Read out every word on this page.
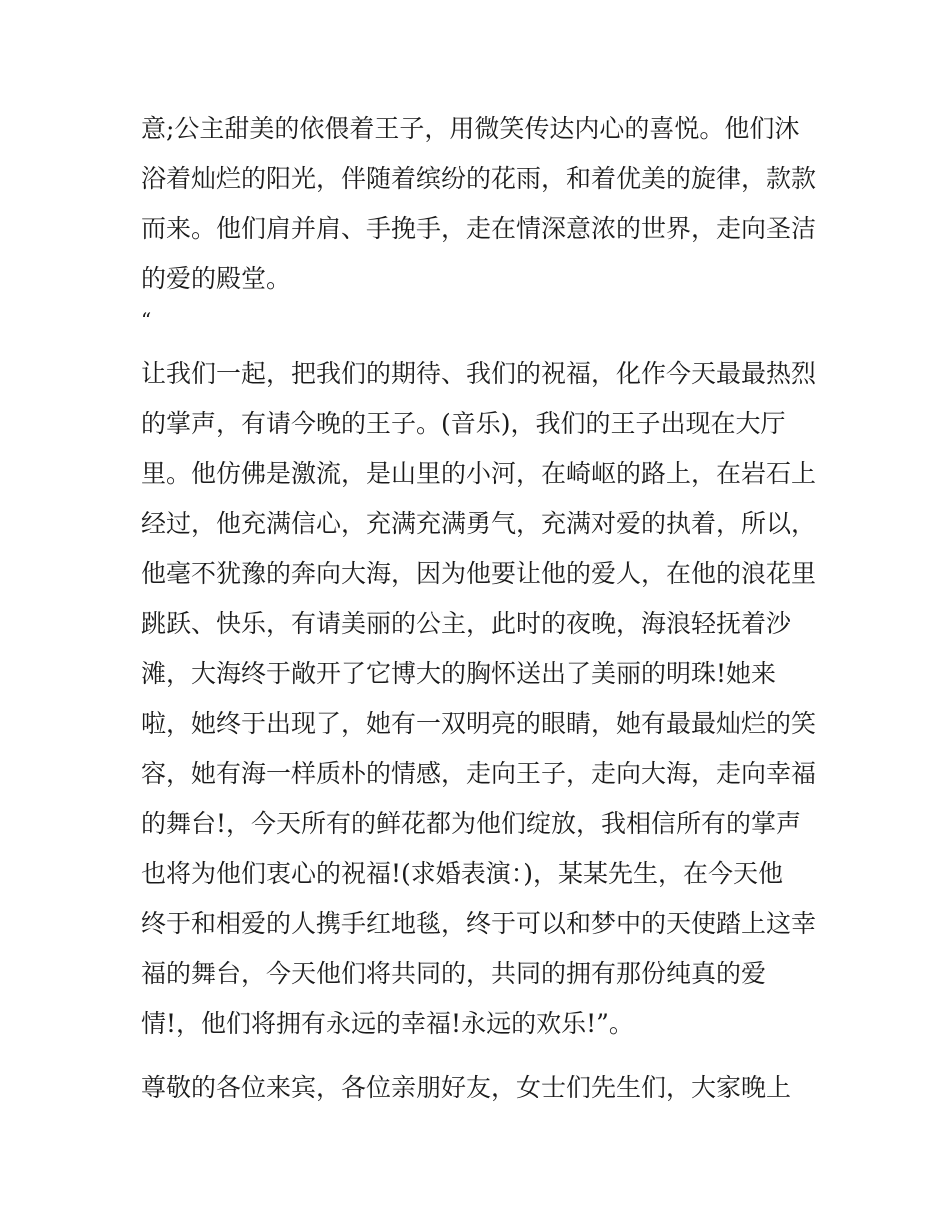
意;公主甜美的依偎着王子，用微笑传达内心的喜悦。他们沐
浴着灿烂的阳光，伴随着缤纷的花雨，和着优美的旋律，款款
而来。他们肩并肩、手挽手，走在情深意浓的世界，走向圣洁
的爱的殿堂。
“
让我们一起，把我们的期待、我们的祝福，化作今天最最热烈
的掌声，有请今晚的王子。(音乐)，我们的王子出现在大厅
里。他仿佛是激流，是山里的小河，在崎岖的路上，在岩石上
经过，他充满信心，充满充满勇气，充满对爱的执着，所以，
他毫不犹豫的奔向大海，因为他要让他的爱人，在他的浪花里
跳跃、快乐，有请美丽的公主，此时的夜晚，海浪轻抚着沙
滩，大海终于敞开了它博大的胸怀送出了美丽的明珠!她来
啦，她终于出现了，她有一双明亮的眼睛，她有最最灿烂的笑
容，她有海一样质朴的情感，走向王子，走向大海，走向幸福
的舞台!，今天所有的鲜花都为他们绽放，我相信所有的掌声
也将为他们衷心的祝福!(求婚表演：)，某某先生，在今天他
终于和相爱的人携手红地毯，终于可以和梦中的天使踏上这幸
福的舞台，今天他们将共同的，共同的拥有那份纯真的爱
情!，他们将拥有永远的幸福!永远的欢乐!”。
尊敬的各位来宾，各位亲朋好友，女士们先生们，大家晚上
